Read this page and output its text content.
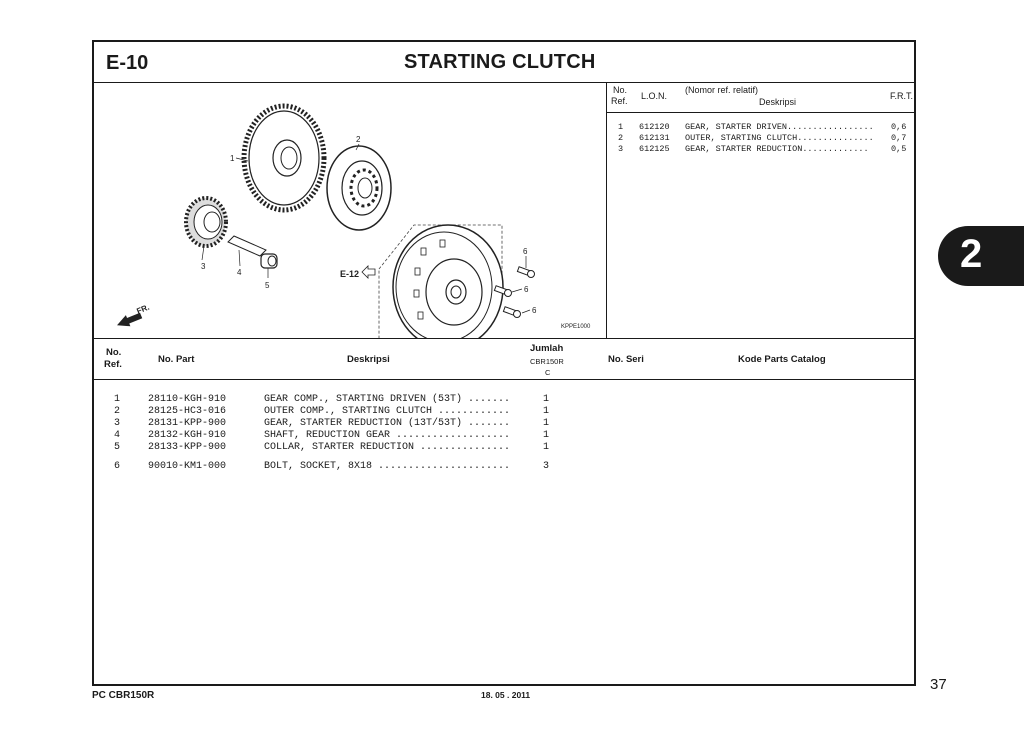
E-10	STARTING CLUTCH
1
2
3
4
5
6
6
6
E-12
FR.
KPPE1000
No.
Ref. L.O.N.
(Nomor ref. relatif)
Deskripsi
F.R.T.
1 612120 GEAR, STARTER DRIVEN................. 0,6
2 612131 OUTER, STARTING CLUTCH............... 0,7
3 612125 GEAR, STARTER REDUCTION.............	0,5
No.
Ref.	No. Part	Deskripsi
Jumlah
CBR150R
C
No. Seri	Kode Parts Catalog
1	28110-KGH-910	GEAR COMP., STARTING DRIVEN (53T) .......	1
2	28125-HC3-016	OUTER COMP., STARTING CLUTCH ............	1
3	28131-KPP-900	GEAR, STARTER REDUCTION (13T/53T) .......	1
4	28132-KGH-910	SHAFT, REDUCTION GEAR ...................	1
5	28133-KPP-900	COLLAR, STARTER REDUCTION ...............	1
6	90010-KM1-000	BOLT, SOCKET, 8X18 ......................	3
2
37
PC CBR150R	18. 05 . 2011
